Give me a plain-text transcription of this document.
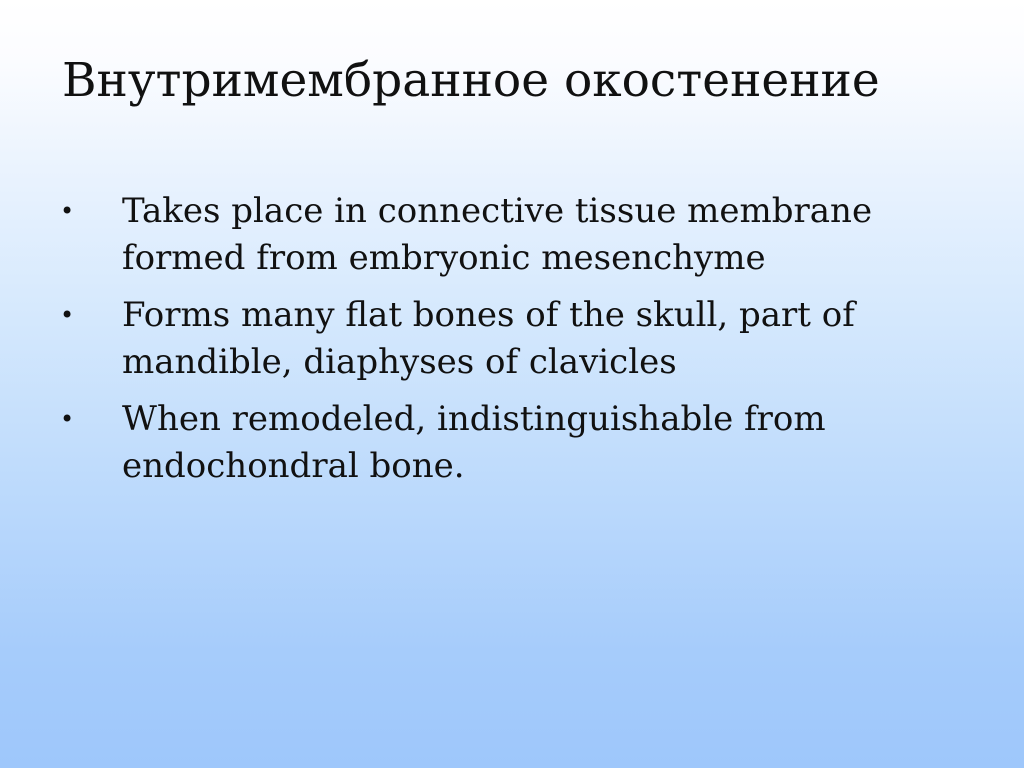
Внутримембранное окостенение
• Takes place in connective tissue membrane formed from embryonic mesenchyme
• Forms many flat bones of the skull, part of mandible, diaphyses of clavicles
• When remodeled, indistinguishable from endochondral bone.
